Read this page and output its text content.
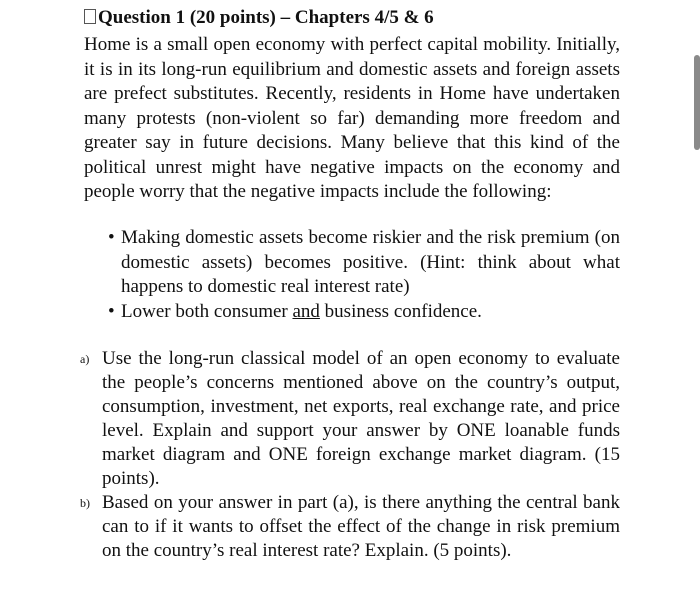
Question 1 (20 points) – Chapters 4/5 & 6
Home is a small open economy with perfect capital mobility. Initially, it is in its long-run equilibrium and domestic assets and foreign assets are prefect substitutes. Recently, residents in Home have undertaken many protests (non-violent so far) demanding more freedom and greater say in future decisions. Many believe that this kind of the political unrest might have negative impacts on the economy and people worry that the negative impacts include the following:
• Making domestic assets become riskier and the risk premium (on domestic assets) becomes positive. (Hint: think about what happens to domestic real interest rate)
• Lower both consumer and business confidence.
a) Use the long-run classical model of an open economy to evaluate the people’s concerns mentioned above on the country’s output, consumption, investment, net exports, real exchange rate, and price level. Explain and support your answer by ONE loanable funds market diagram and ONE foreign exchange market diagram. (15 points).
b) Based on your answer in part (a), is there anything the central bank can to if it wants to offset the effect of the change in risk premium on the country’s real interest rate? Explain. (5 points).
